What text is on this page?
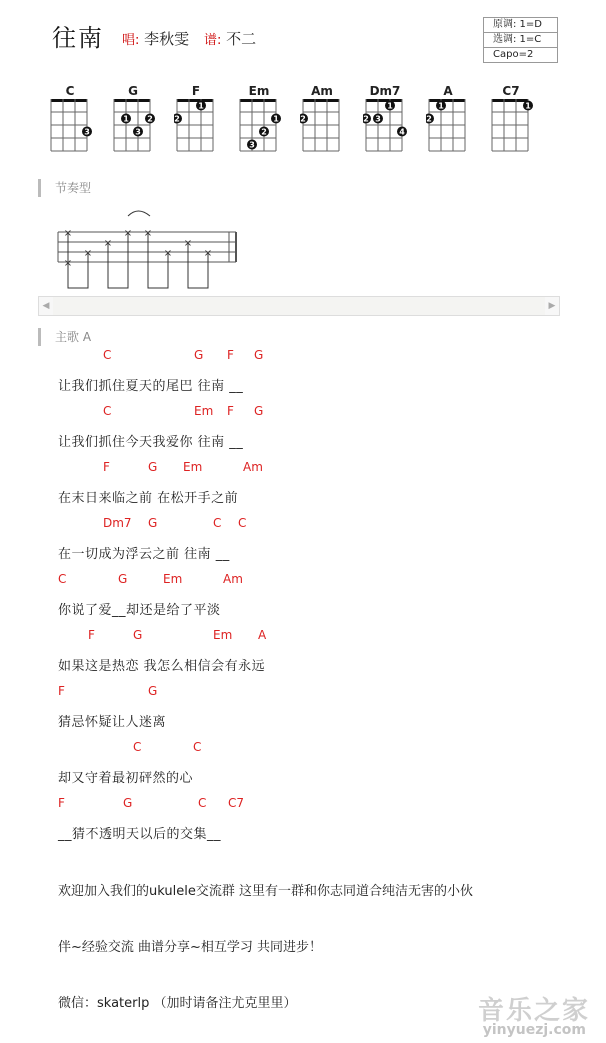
往南 唱: 李秋雯 谱: 不二
原调: 1=D
选调: 1=C
Capo=2
C
3
G
1 2
3
F
1
2
Em
1
2
3
Am
2
Dm7
1
2 3
4
A
1
2
C7
1
节奏型
×
×
×
×
× ×
×
×
×
◀	▶
主歌 A
C	G F G
让我们抓住夏天的尾巴 往南 __
C	Em F G
让我们抓住今天我爱你 往南 __
F	G Em	Am
在末日来临之前 在松开手之前
Dm7 G	C C
在一切成为浮云之前 往南 __
C	G	Em	Am
你说了爱__却还是给了平淡
F	G	Em A
如果这是热恋 我怎么相信会有永远
F	G
猜忌怀疑让人迷离
C	C
却又守着最初砰然的心
F	G	C C7
__猜不透明天以后的交集__
欢迎加入我们的ukulele交流群 这里有一群和你志同道合纯洁无害的小伙
伴~经验交流 曲谱分享~相互学习 共同进步！
微信：skaterlp （加时请备注尤克里里）	音乐之家
yinyuezj.com
